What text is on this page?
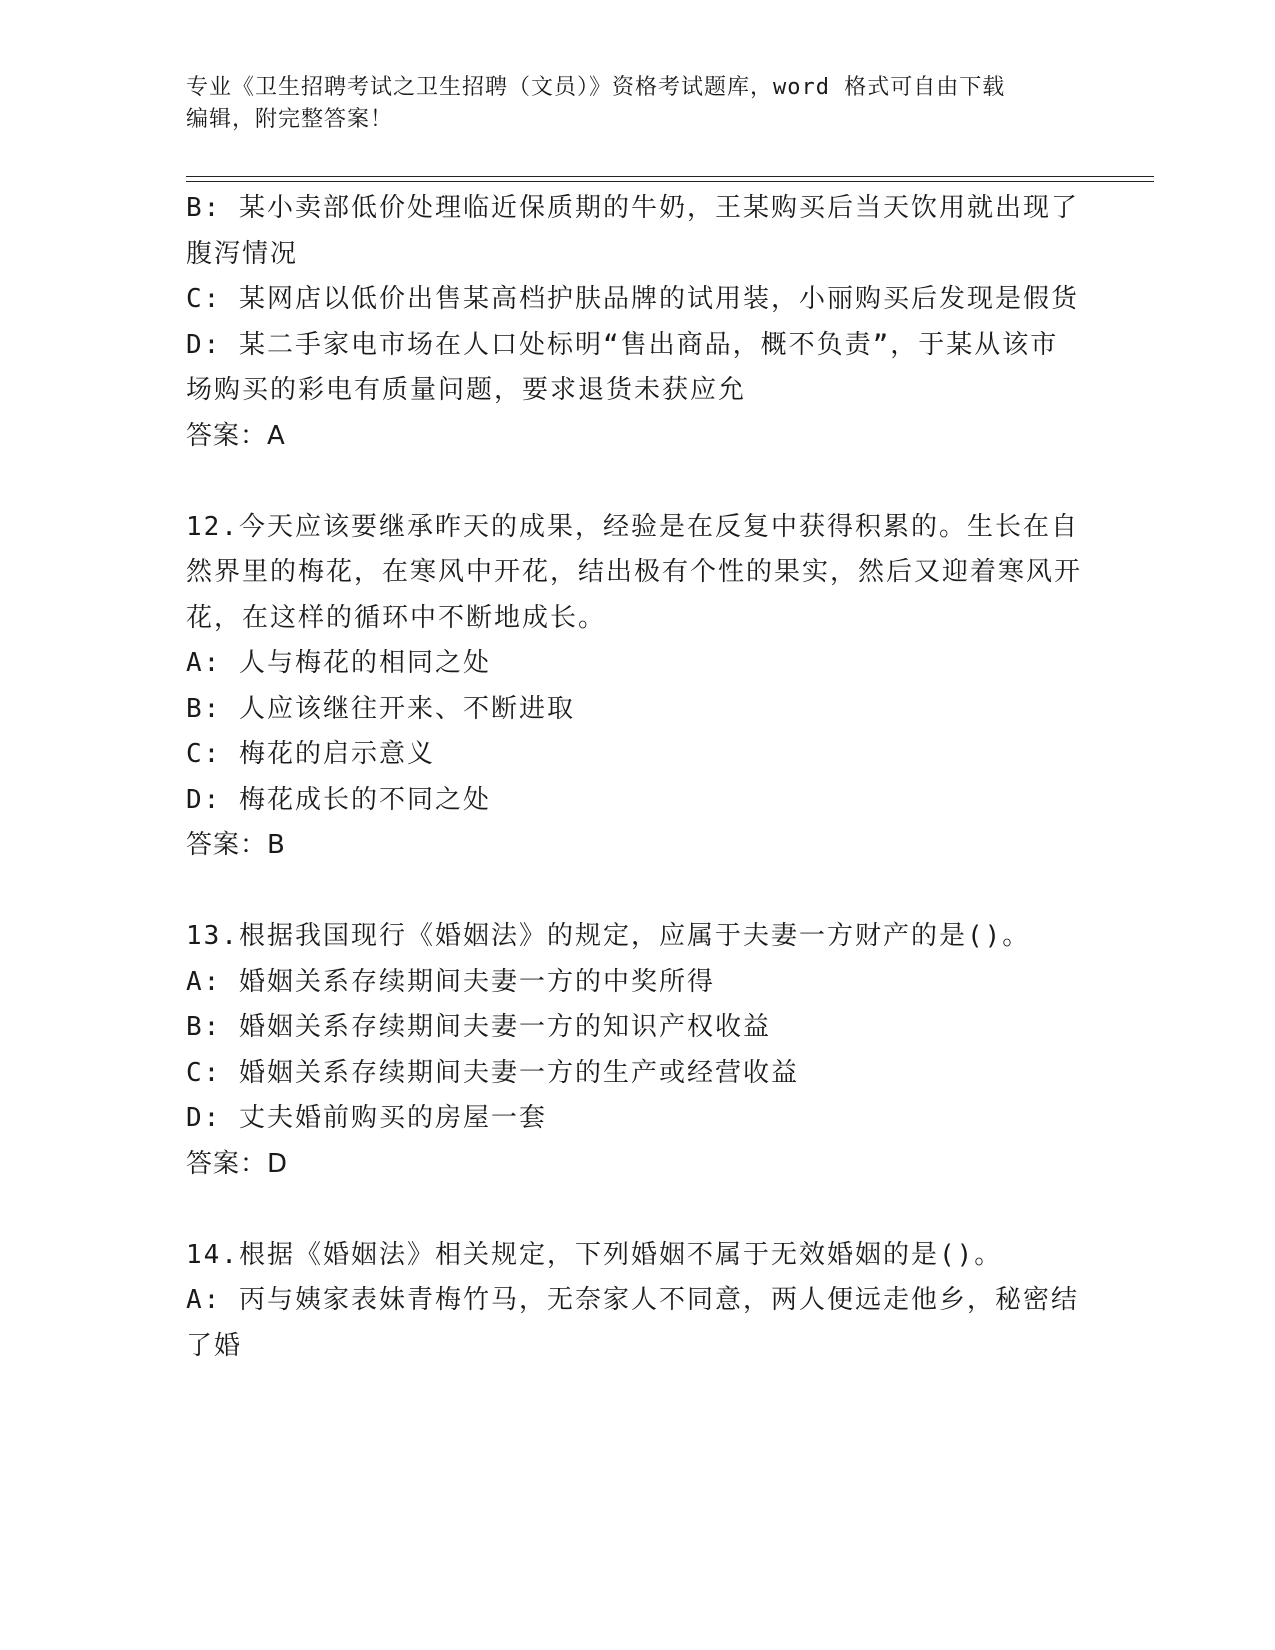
专业《卫生招聘考试之卫生招聘（文员）》资格考试题库，word 格式可自由下载
编辑，附完整答案！

B: 某小卖部低价处理临近保质期的牛奶，王某购买后当天饮用就出现了腹泻情况

C: 某网店以低价出售某高档护肤品牌的试用装，小丽购买后发现是假货

D: 某二手家电市场在人口处标明“售出商品，概不负责”，于某从该市场购买的彩电有质量问题，要求退货未获应允

答案：A

12.今天应该要继承昨天的成果，经验是在反复中获得积累的。生长在自然界里的梅花，在寒风中开花，结出极有个性的果实，然后又迎着寒风开花，在这样的循环中不断地成长。

A: 人与梅花的相同之处

B: 人应该继往开来、不断进取

C: 梅花的启示意义

D: 梅花成长的不同之处

答案：B

13.根据我国现行《婚姻法》的规定，应属于夫妻一方财产的是()。

A: 婚姻关系存续期间夫妻一方的中奖所得

B: 婚姻关系存续期间夫妻一方的知识产权收益

C: 婚姻关系存续期间夫妻一方的生产或经营收益

D: 丈夫婚前购买的房屋一套

答案：D

14.根据《婚姻法》相关规定，下列婚姻不属于无效婚姻的是()。

A: 丙与姨家表妹青梅竹马，无奈家人不同意，两人便远走他乡，秘密结了婚
